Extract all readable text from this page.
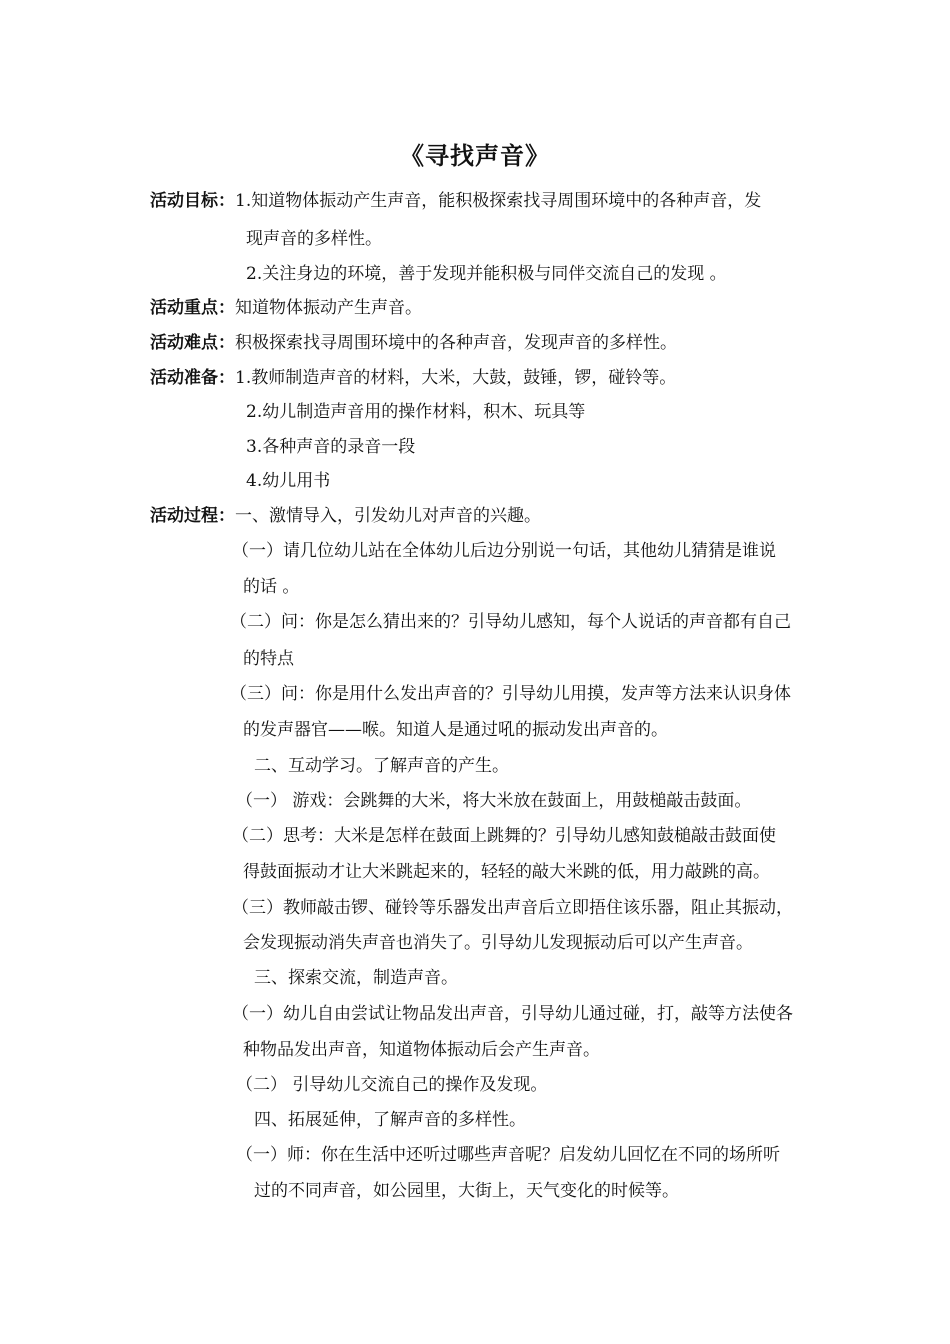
《寻找声音》
活动目标：1.知道物体振动产生声音，能积极探索找寻周围环境中的各种声音，发
现声音的多样性。
2.关注身边的环境，善于发现并能积极与同伴交流自己的发现 。
活动重点：知道物体振动产生声音。
活动难点：积极探索找寻周围环境中的各种声音，发现声音的多样性。
活动准备：1.教师制造声音的材料，大米，大鼓，鼓锤，锣，碰铃等。
2.幼儿制造声音用的操作材料，积木、玩具等
3.各种声音的录音一段
4.幼儿用书
活动过程：一、激情导入，引发幼儿对声音的兴趣。
（一）请几位幼儿站在全体幼儿后边分别说一句话，其他幼儿猜猜是谁说
的话 。
（二）问：你是怎么猜出来的？引导幼儿感知，每个人说话的声音都有自己
的特点
（三）问：你是用什么发出声音的？引导幼儿用摸，发声等方法来认识身体
的发声器官——喉。知道人是通过吼的振动发出声音的。
二、互动学习。了解声音的产生。
（一） 游戏：会跳舞的大米，将大米放在鼓面上，用鼓槌敲击鼓面。
（二）思考：大米是怎样在鼓面上跳舞的？引导幼儿感知鼓槌敲击鼓面使
得鼓面振动才让大米跳起来的，轻轻的敲大米跳的低，用力敲跳的高。
（三）教师敲击锣、碰铃等乐器发出声音后立即捂住该乐器，阻止其振动，
会发现振动消失声音也消失了。引导幼儿发现振动后可以产生声音。
三、探索交流，制造声音。
（一）幼儿自由尝试让物品发出声音，引导幼儿通过碰，打，敲等方法使各
种物品发出声音，知道物体振动后会产生声音。
（二） 引导幼儿交流自己的操作及发现。
四、拓展延伸，了解声音的多样性。
（一）师：你在生活中还听过哪些声音呢？启发幼儿回忆在不同的场所听
过的不同声音，如公园里，大街上，天气变化的时候等。
